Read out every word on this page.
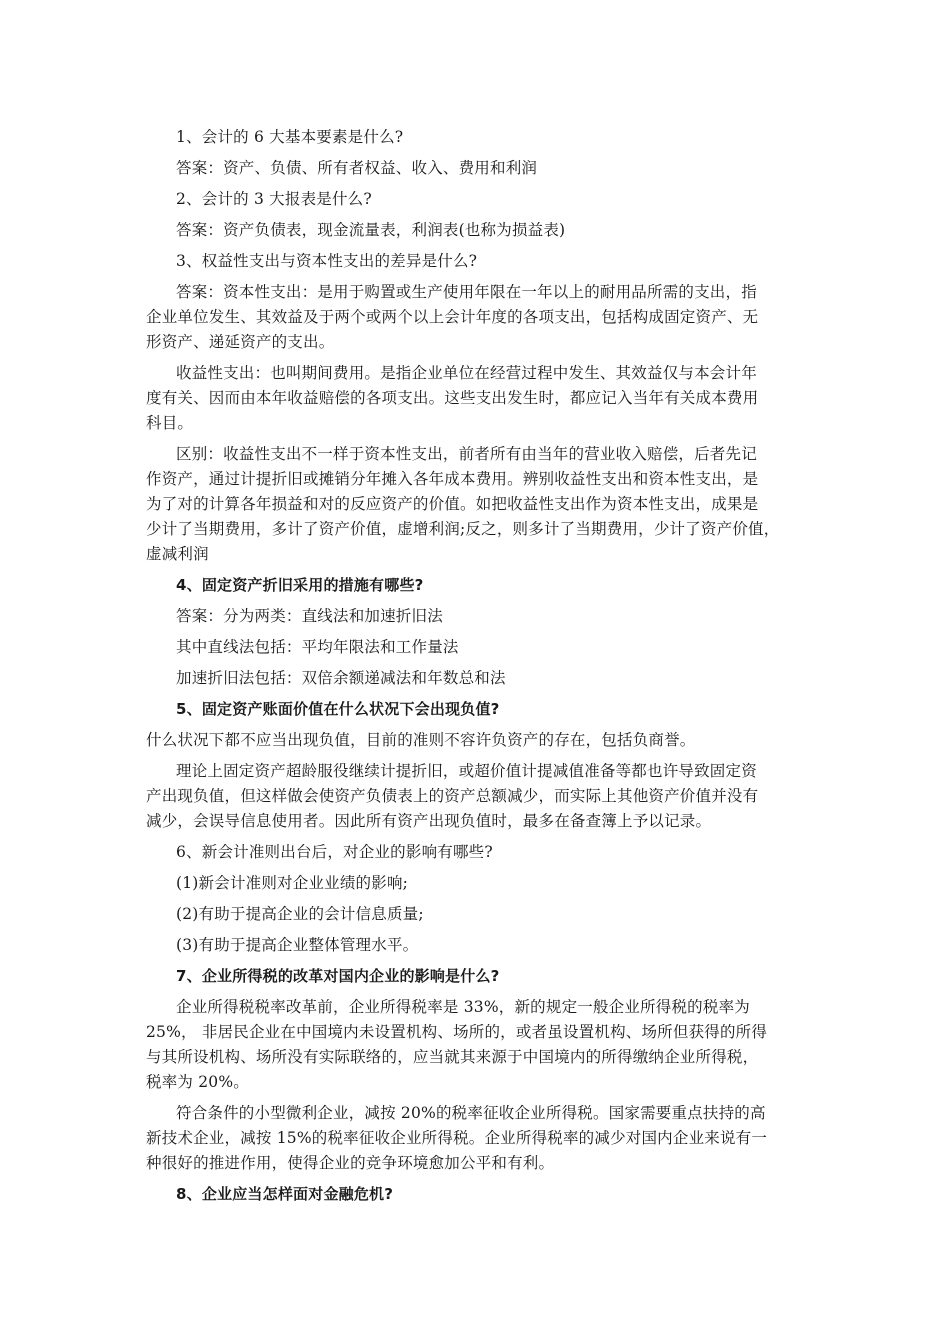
1、会计的 6 大基本要素是什么?
答案：资产、负债、所有者权益、收入、费用和利润
2、会计的 3 大报表是什么?
答案：资产负债表，现金流量表，利润表(也称为损益表)
3、权益性支出与资本性支出的差异是什么?
答案：资本性支出：是用于购置或生产使用年限在一年以上的耐用品所需的支出，指
企业单位发生、其效益及于两个或两个以上会计年度的各项支出，包括构成固定资产、无
形资产、递延资产的支出。
收益性支出：也叫期间费用。是指企业单位在经营过程中发生、其效益仅与本会计年
度有关、因而由本年收益赔偿的各项支出。这些支出发生时，都应记入当年有关成本费用
科目。
区别：收益性支出不一样于资本性支出，前者所有由当年的营业收入赔偿，后者先记
作资产，通过计提折旧或摊销分年摊入各年成本费用。辨别收益性支出和资本性支出，是
为了对的计算各年损益和对的反应资产的价值。如把收益性支出作为资本性支出，成果是
少计了当期费用，多计了资产价值，虚增利润;反之，则多计了当期费用，少计了资产价值，
虚减利润
4、固定资产折旧采用的措施有哪些?
答案：分为两类：直线法和加速折旧法
其中直线法包括：平均年限法和工作量法
加速折旧法包括：双倍余额递减法和年数总和法
5、固定资产账面价值在什么状况下会出现负值?
什么状况下都不应当出现负值，目前的准则不容许负资产的存在，包括负商誉。
理论上固定资产超龄服役继续计提折旧，或超价值计提减值准备等都也许导致固定资
产出现负值，但这样做会使资产负债表上的资产总额减少，而实际上其他资产价值并没有
减少，会误导信息使用者。因此所有资产出现负值时，最多在备查簿上予以记录。
6、新会计准则出台后，对企业的影响有哪些?
(1)新会计准则对企业业绩的影响;
(2)有助于提高企业的会计信息质量;
(3)有助于提高企业整体管理水平。
7、企业所得税的改革对国内企业的影响是什么?
企业所得税税率改革前，企业所得税率是 33%，新的规定一般企业所得税的税率为
25%， 非居民企业在中国境内未设置机构、场所的，或者虽设置机构、场所但获得的所得
与其所设机构、场所没有实际联络的，应当就其来源于中国境内的所得缴纳企业所得税，
税率为 20%。
符合条件的小型微利企业，减按 20%的税率征收企业所得税。国家需要重点扶持的高
新技术企业，减按 15%的税率征收企业所得税。企业所得税率的减少对国内企业来说有一
种很好的推进作用，使得企业的竞争环境愈加公平和有利。
8、企业应当怎样面对金融危机?
